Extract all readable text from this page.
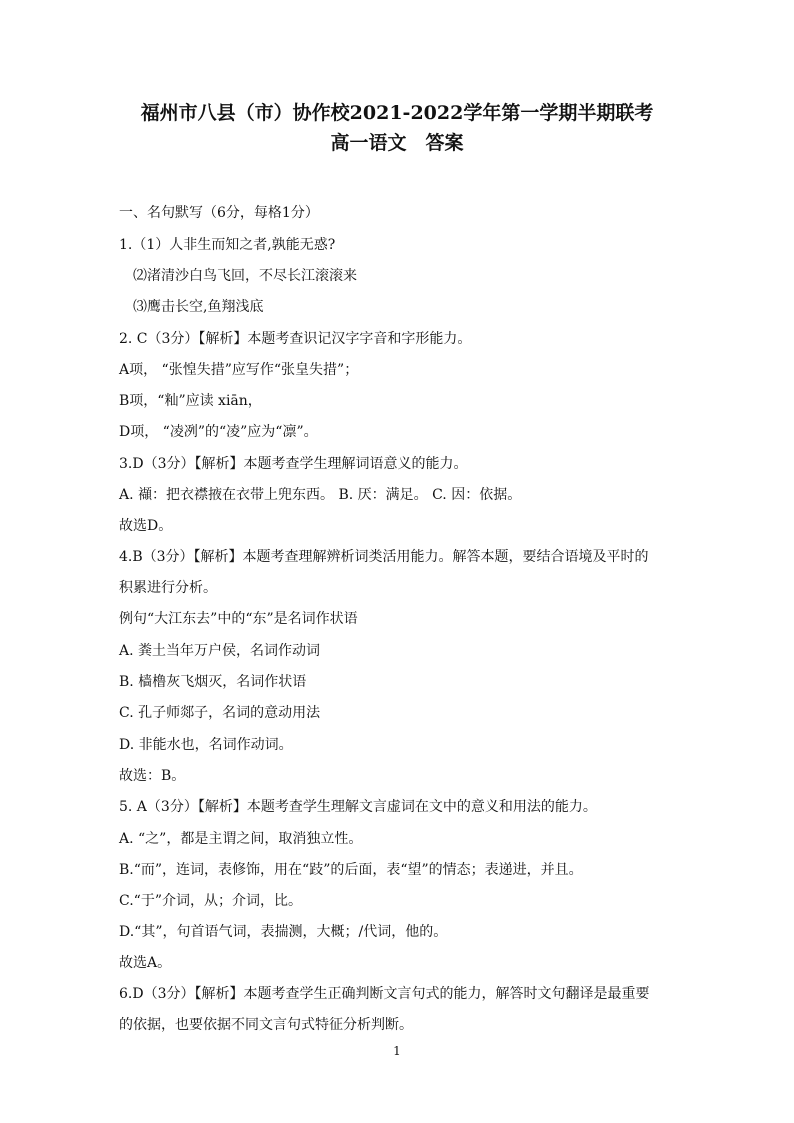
福州市八县（市）协作校2021-2022学年第一学期半期联考
高一语文　答案
一、名句默写（6分，每格1分）
1.（1）人非生而知之者,孰能无惑?
⑵渚清沙白鸟飞回，不尽长江滚滚来
⑶鹰击长空,鱼翔浅底
2. C（3分）【解析】本题考查识记汉字字音和字形能力。
A项， “张惶失措”应写作“张皇失措”；
B项，“籼”应读 xiān，
D项， “凌冽”的“凌”应为“凛”。
3.D（3分）【解析】本题考查学生理解词语意义的能力。
A. 襭：把衣襟掖在衣带上兜东西。 B. 厌：满足。 C. 因：依据。
故选D。
4.B（3分）【解析】本题考查理解辨析词类活用能力。解答本题，要结合语境及平时的
积累进行分析。
例句“大江东去”中的“东”是名词作状语
A. 粪土当年万户侯，名词作动词
B. 樯橹灰飞烟灭，名词作状语
C. 孔子师郯子，名词的意动用法
D. 非能水也，名词作动词。
故选：B。
5. A（3分）【解析】本题考查学生理解文言虚词在文中的意义和用法的能力。
A. “之”，都是主谓之间，取消独立性。
B.“而”，连词，表修饰，用在“跂”的后面，表“望”的情态；表递进，并且。
C.“于”介词，从；介词，比。
D.“其”，句首语气词，表揣测，大概；/代词，他的。
故选A。
6.D（3分）【解析】本题考查学生正确判断文言句式的能力，解答时文句翻译是最重要
的依据，也要依据不同文言句式特征分析判断。
1
